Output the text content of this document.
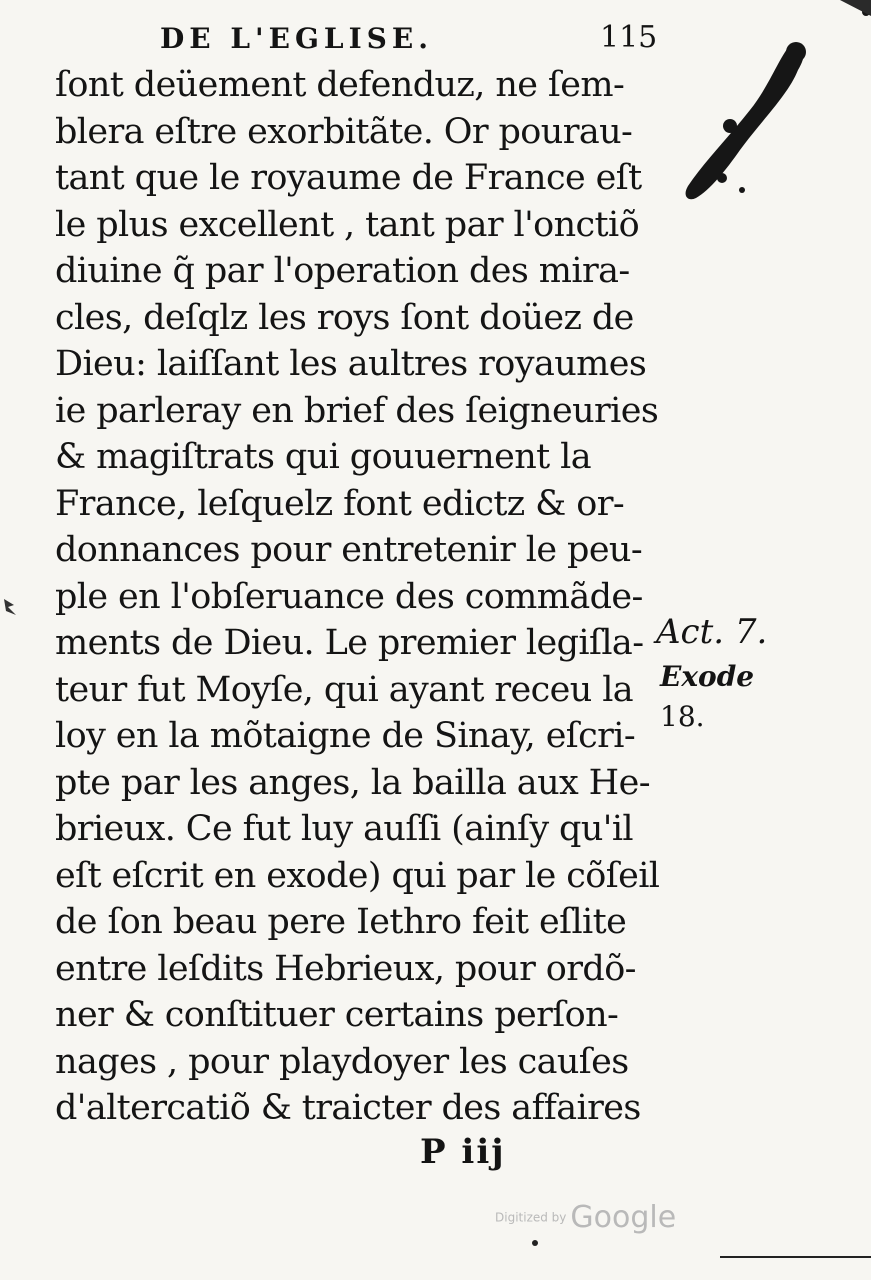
DE L'EGLISE.	115
ſont deüement defenduz, ne ſem-
blera eſtre exorbitãte. Or pourau-
tant que le royaume de France eſt
le plus excellent , tant par l'onctiõ
diuine q̃ par l'operation des mira-
cles, deſqlz les roys ſont doüez de
Dieu: laiſſant les aultres royaumes
ie parleray en brief des ſeigneuries
& magiſtrats qui gouuernent la
France, leſquelz font edictz & or-
donnances pour entretenir le peu-
ple en l'obſeruance des commãde-
ments de Dieu. Le premier legiſla-
teur fut Moyſe, qui ayant receu la
loy en la mõtaigne de Sinay, eſcri-
pte par les anges, la bailla aux He-
brieux. Ce fut luy auſſi (ainſy qu'il
eſt eſcrit en exode) qui par le cõſeil
de ſon beau pere Iethro feit eſlite
entre leſdits Hebrieux, pour ordõ-
ner & conſtituer certains perſon-
nages , pour playdoyer les cauſes
d'altercatiõ & traicter des affaires
Act. 7.
Exode
18.
P iij
Digitized by Google
